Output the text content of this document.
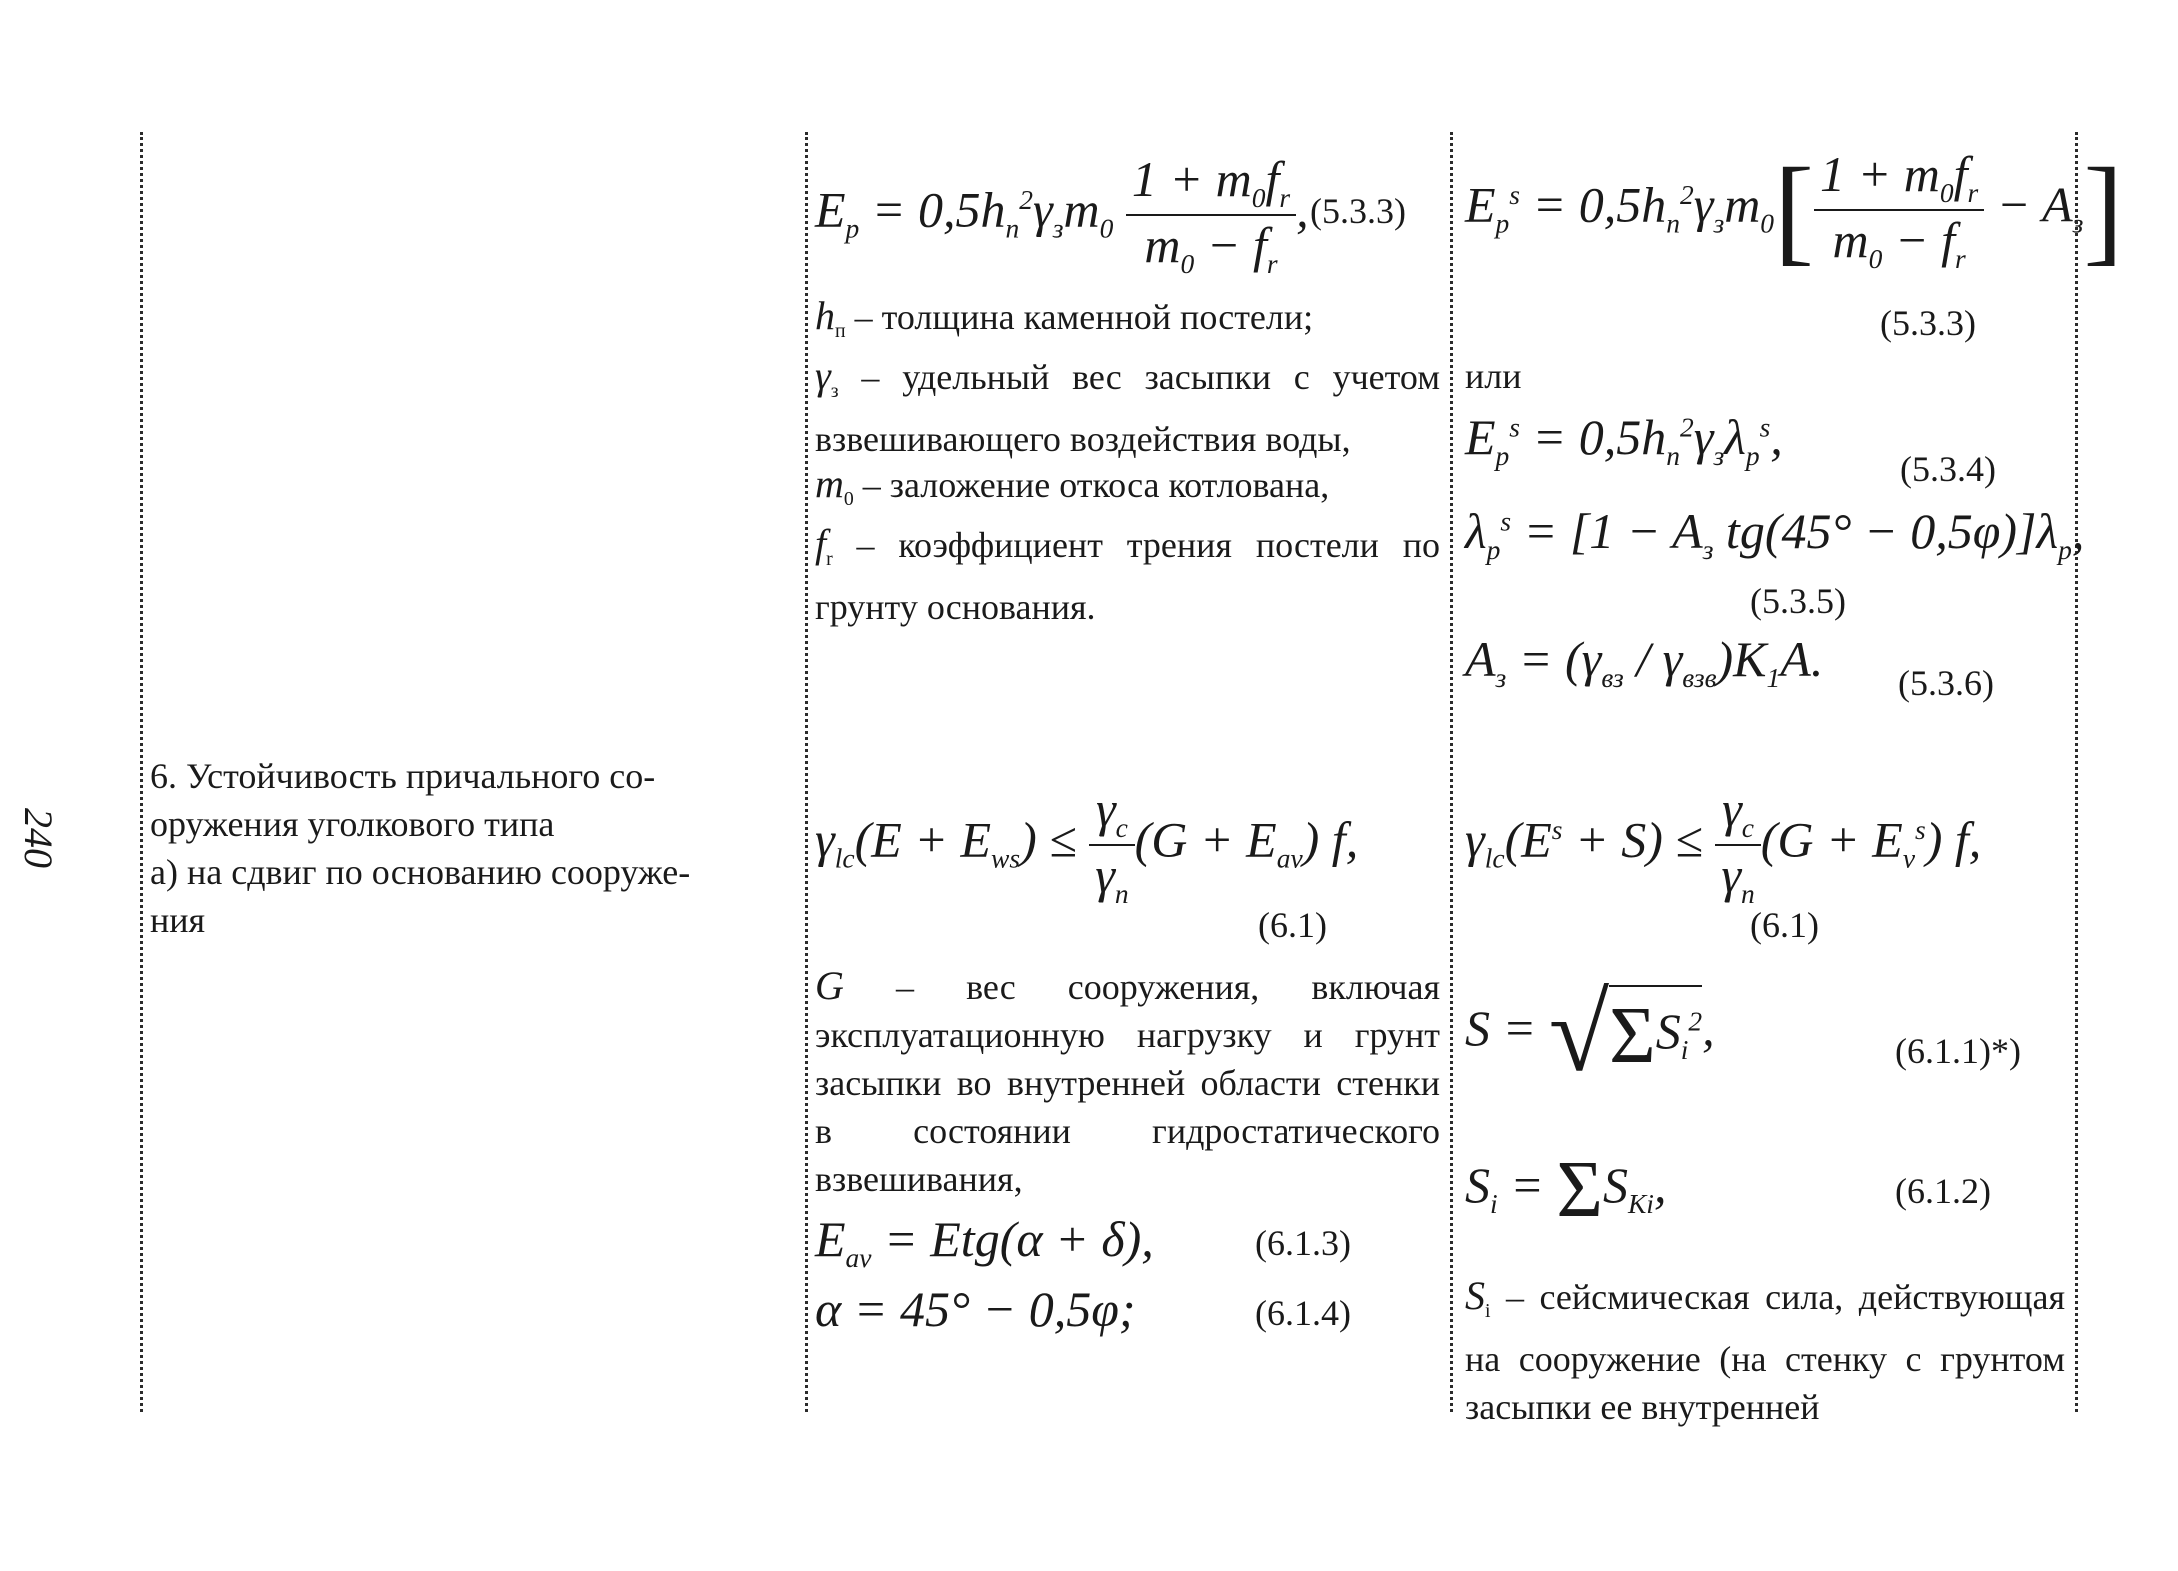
240
6. Устойчивость причального со-
оружения уголкового типа
а) на сдвиг по основанию сооруже-
ния
$E_p = 0,5h_n^2\gamma_зm_0 \frac{1 + m_0f_r}{m_0 - f_r}$ , (5.3.3)
$h_п$ – толщина каменной постели;
$\gamma_з$ – удельный вес засыпки с учетом взвешивающего воздействия воды,
$m_0$ – заложение откоса котлована,
$f_r$ – коэффициент трения постели по грунту основания.
$\gamma_{lc}(E + E_{ws}) \le \frac{\gamma_c}{\gamma_n} (G + E_{av})$ f,
(6.1)
G – вес сооружения, включая эксплуатационную нагрузку и грунт засыпки во внутренней области стенки в состоянии гидростатического взвешивания,
$E_{av} = Etg(\alpha + \delta)$,	(6.1.3)
α = 45° − 0,5φ;	(6.1.4)
$E_p^s = 0,5h_n^2\gamma_зm_0[ \frac{1 + m_0f_r}{m_0 - f_r} - A_з]$
(5.3.3)
или
$E_p^s = 0,5h_n^2\gamma_з\lambda_p^s$,
(5.3.4)
$\lambda_p^s = [1 - A_з$ $tg(45^\circ - 0,5\varphi)]\lambda_p$,
(5.3.5)
$A_з = (\gamma_{вз} / \gamma_{взв})K_1A$. (5.3.6)
$\gamma_{lc}(E^s + S) \le \frac{\gamma_c}{\gamma_n} (G + E_v^s)$ f,
(6.1)
$S = √\Sigma S_i^2$,	(6.1.1)*)
$S_i = \Sigma S_{Ki}$,	(6.1.2)
$S_i$ – сейсмическая сила, действующая на сооружение (на стенку с грунтом засыпки ее внутренней
